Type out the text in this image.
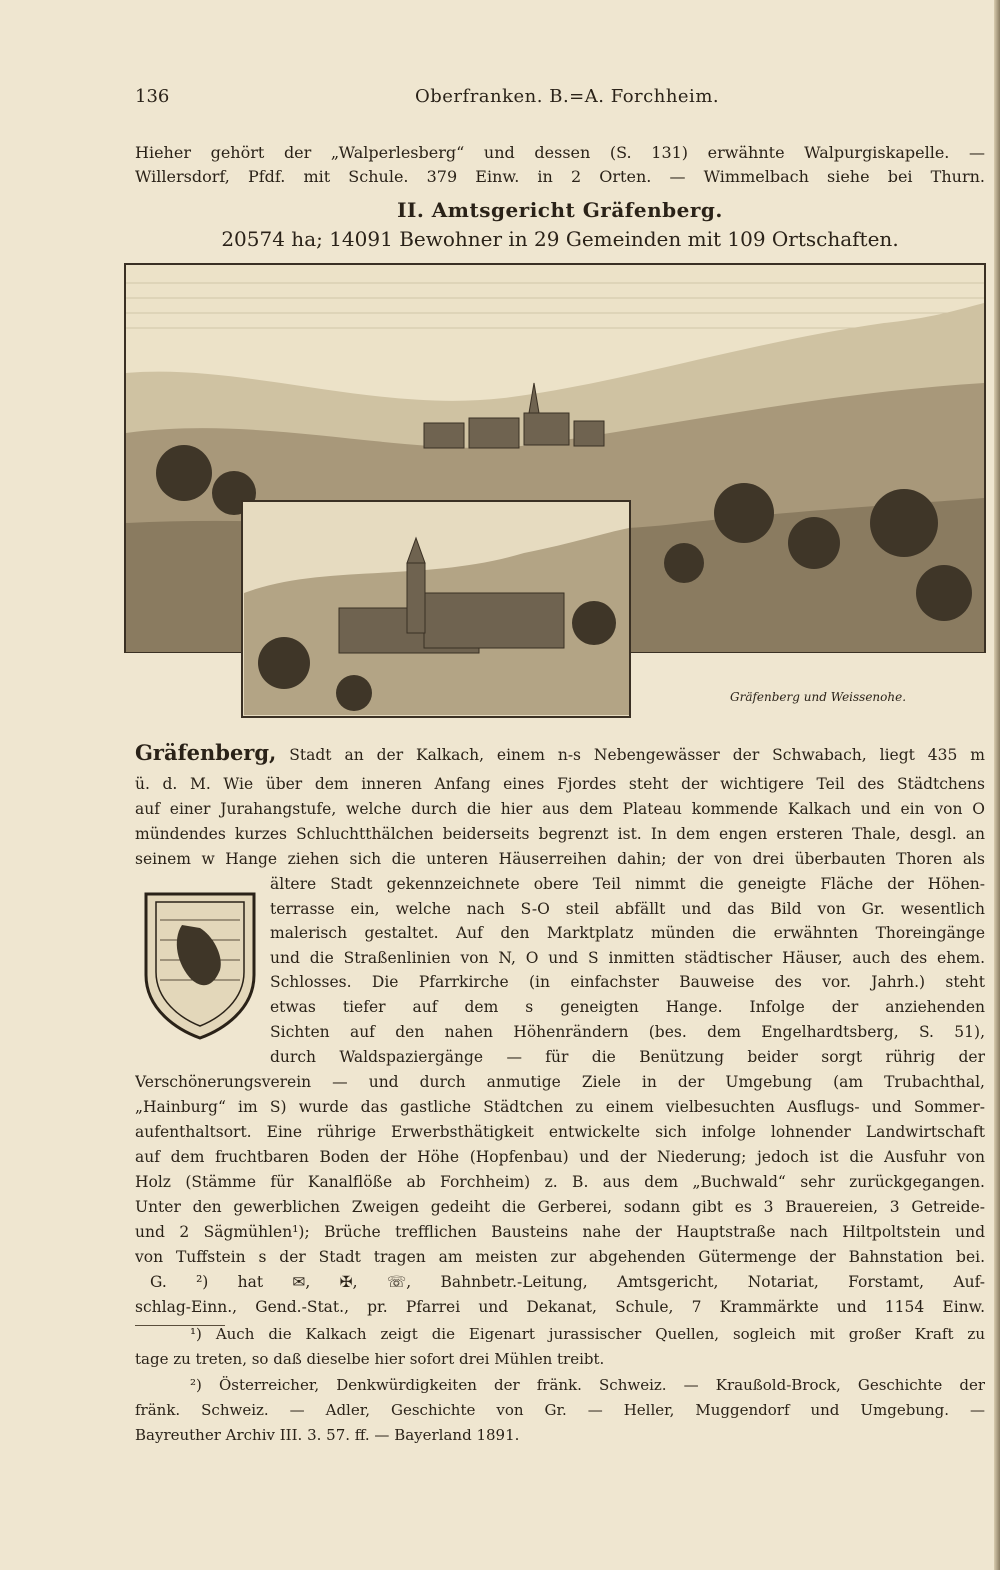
136	Oberfranken. B.=A. Forchheim.
Hieher gehört der „Walperlesberg“ und dessen (S. 131) erwähnte Walpurgiskapelle. —
Willersdorf, Pfdf. mit Schule. 379 Einw. in 2 Orten. — Wimmelbach siehe bei Thurn.
II. Amtsgericht Gräfenberg.
20574 ha; 14091 Bewohner in 29 Gemeinden mit 109 Ortschaften.
Gräfenberg und Weissenohe.
Gräfenberg, Stadt an der Kalkach, einem n-s Nebengewässer der Schwabach, liegt 435 m
ü. d. M. Wie über dem inneren Anfang eines Fjordes steht der wichtigere Teil des Städtchens
auf einer Jurahangstufe, welche durch die hier aus dem Plateau kommende Kalkach und ein von O
mündendes kurzes Schluchtthälchen beiderseits begrenzt ist. In dem engen ersteren Thale, desgl. an
seinem w Hange ziehen sich die unteren Häuserreihen dahin; der von drei überbauten Thoren als
ältere Stadt gekennzeichnete obere Teil nimmt die geneigte Fläche der Höhen-
terrasse ein, welche nach S-O steil abfällt und das Bild von Gr. wesentlich
malerisch gestaltet. Auf den Marktplatz münden die erwähnten Thoreingänge
und die Straßenlinien von N, O und S inmitten städtischer Häuser, auch des ehem.
Schlosses. Die Pfarrkirche (in einfachster Bauweise des vor. Jahrh.) steht
etwas tiefer auf dem s geneigten Hange. Infolge der anziehenden
Sichten auf den nahen Höhenrändern (bes. dem Engelhardtsberg, S. 51),
durch Waldspaziergänge — für die Benützung beider sorgt rührig der
Verschönerungsverein — und durch anmutige Ziele in der Umgebung (am Trubachthal,
„Hainburg“ im S) wurde das gastliche Städtchen zu einem vielbesuchten Ausflugs- und Sommer-
aufenthaltsort. Eine rührige Erwerbsthätigkeit entwickelte sich infolge lohnender Landwirtschaft
auf dem fruchtbaren Boden der Höhe (Hopfenbau) und der Niederung; jedoch ist die Ausfuhr von
Holz (Stämme für Kanalflöße ab Forchheim) z. B. aus dem „Buchwald“ sehr zurückgegangen.
Unter den gewerblichen Zweigen gedeiht die Gerberei, sodann gibt es 3 Brauereien, 3 Getreide-
und 2 Sägmühlen¹); Brüche trefflichen Bausteins nahe der Hauptstraße nach Hiltpoltstein und
von Tuffstein s der Stadt tragen am meisten zur abgehenden Gütermenge der Bahnstation bei.
G. ²) hat ✉, ✠, ☏, Bahnbetr.-Leitung, Amtsgericht, Notariat, Forstamt, Auf-
schlag-Einn., Gend.-Stat., pr. Pfarrei und Dekanat, Schule, 7 Krammärkte und 1154 Einw.
¹) Auch die Kalkach zeigt die Eigenart jurassischer Quellen, sogleich mit großer Kraft zu
tage zu treten, so daß dieselbe hier sofort drei Mühlen treibt.
²) Österreicher, Denkwürdigkeiten der fränk. Schweiz. — Kraußold-Brock, Geschichte der
fränk. Schweiz. — Adler, Geschichte von Gr. — Heller, Muggendorf und Umgebung. —
Bayreuther Archiv III. 3. 57. ff. — Bayerland 1891.
